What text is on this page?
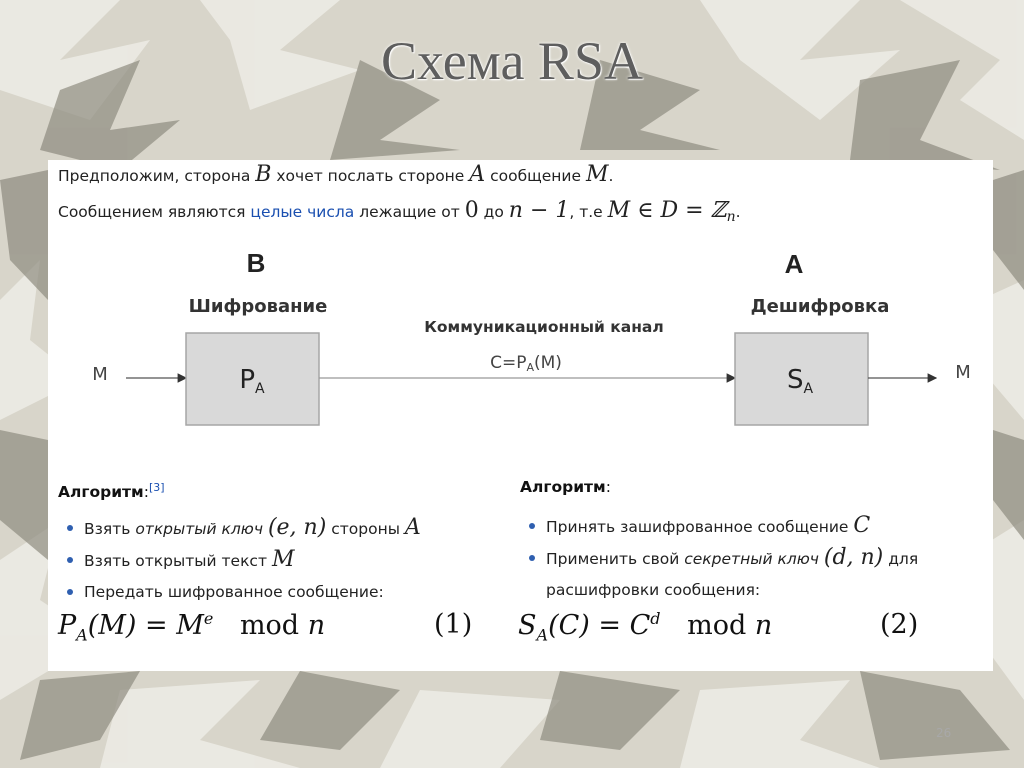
Схема RSA
Предположим, сторона B хочет послать стороне A сообщение M.
Сообщением являются целые числа лежащие от 0 до n − 1, т.е M ∈ D = ℤ$_n$.
B	A
Шифрование	Дешифровка
Коммуникационный канал
C=PA(M)
M	PA	SA
M
Алгоритм:[3]
Взять открытый ключ (e, n) стороны A
Взять открытый текст M
Передать шифрованное сообщение:
$P_A(M) = M^e$ mod n	(1)
Алгоритм:
Принять зашифрованное сообщение C
Применить свой секретный ключ (d, n) для
расшифровки сообщения:
$S_A(C) = C^d$ mod n	(2)
26
